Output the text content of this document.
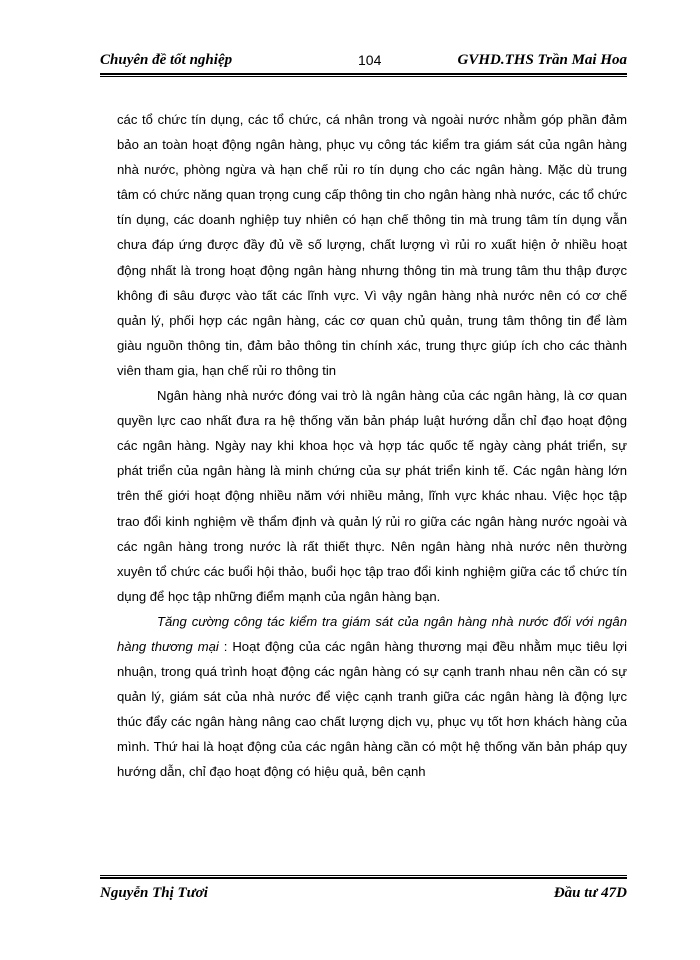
Chuyên đề tốt nghiệp	104	GVHD.THS Trần Mai Hoa

các tổ chức tín dụng, các tổ chức, cá nhân trong và ngoài nước nhằm góp phần đảm bảo an toàn hoạt động ngân hàng, phục vụ công tác kiểm tra giám sát của ngân hàng nhà nước, phòng ngừa và hạn chế rủi ro tín dụng cho các ngân hàng. Mặc dù trung tâm có chức năng quan trọng cung cấp thông tin cho ngân hàng nhà nước, các tổ chức tín dụng, các doanh nghiệp tuy nhiên có hạn chế thông tin mà trung tâm tín dụng vẫn chưa đáp ứng được đầy đủ về số lượng, chất lượng vì rủi ro xuất hiện ở nhiều hoạt động nhất là trong hoạt động ngân hàng nhưng thông tin mà trung tâm thu thập được không đi sâu được vào tất các lĩnh vực. Vì vậy ngân hàng nhà nước nên có cơ chế quản lý, phối hợp các ngân hàng, các cơ quan chủ quản, trung tâm thông tin để làm giàu nguồn thông tin, đảm bảo thông tin chính xác, trung thực giúp ích cho các thành viên tham gia, hạn chế rủi ro thông tin

Ngân hàng nhà nước đóng vai trò là ngân hàng của các ngân hàng, là cơ quan quyền lực cao nhất đưa ra hệ thống văn bản pháp luật hướng dẫn chỉ đạo hoạt động các ngân hàng. Ngày nay khi khoa học và hợp tác quốc tế ngày càng phát triển, sự phát triển của ngân hàng là minh chứng của sự phát triển kinh tế. Các ngân hàng lớn trên thế giới hoạt động nhiều năm với nhiều mảng, lĩnh vực khác nhau. Việc học tập trao đổi kinh nghiệm về thẩm định và quản lý rủi ro giữa các ngân hàng nước ngoài và các ngân hàng trong nước là rất thiết thực. Nên ngân hàng nhà nước nên thường xuyên tổ chức các buổi hội thảo, buổi học tập trao đổi kinh nghiệm giữa các tổ chức tín dụng để học tập những điểm mạnh của ngân hàng bạn.

Tăng cường công tác kiểm tra giám sát của ngân hàng nhà nước đối với ngân hàng thương mại : Hoạt động của các ngân hàng thương mại đều nhằm mục tiêu lợi nhuận, trong quá trình hoạt động các ngân hàng có sự cạnh tranh nhau nên cần có sự quản lý, giám sát của nhà nước để việc cạnh tranh giữa các ngân hàng là động lực thúc đẩy các ngân hàng nâng cao chất lượng dịch vụ, phục vụ tốt hơn khách hàng của mình. Thứ hai là hoạt động của các ngân hàng cần có một hệ thống văn bản pháp quy hướng dẫn, chỉ đạo hoạt động có hiệu quả, bên cạnh

Nguyễn Thị Tươi	Đầu tư 47D
